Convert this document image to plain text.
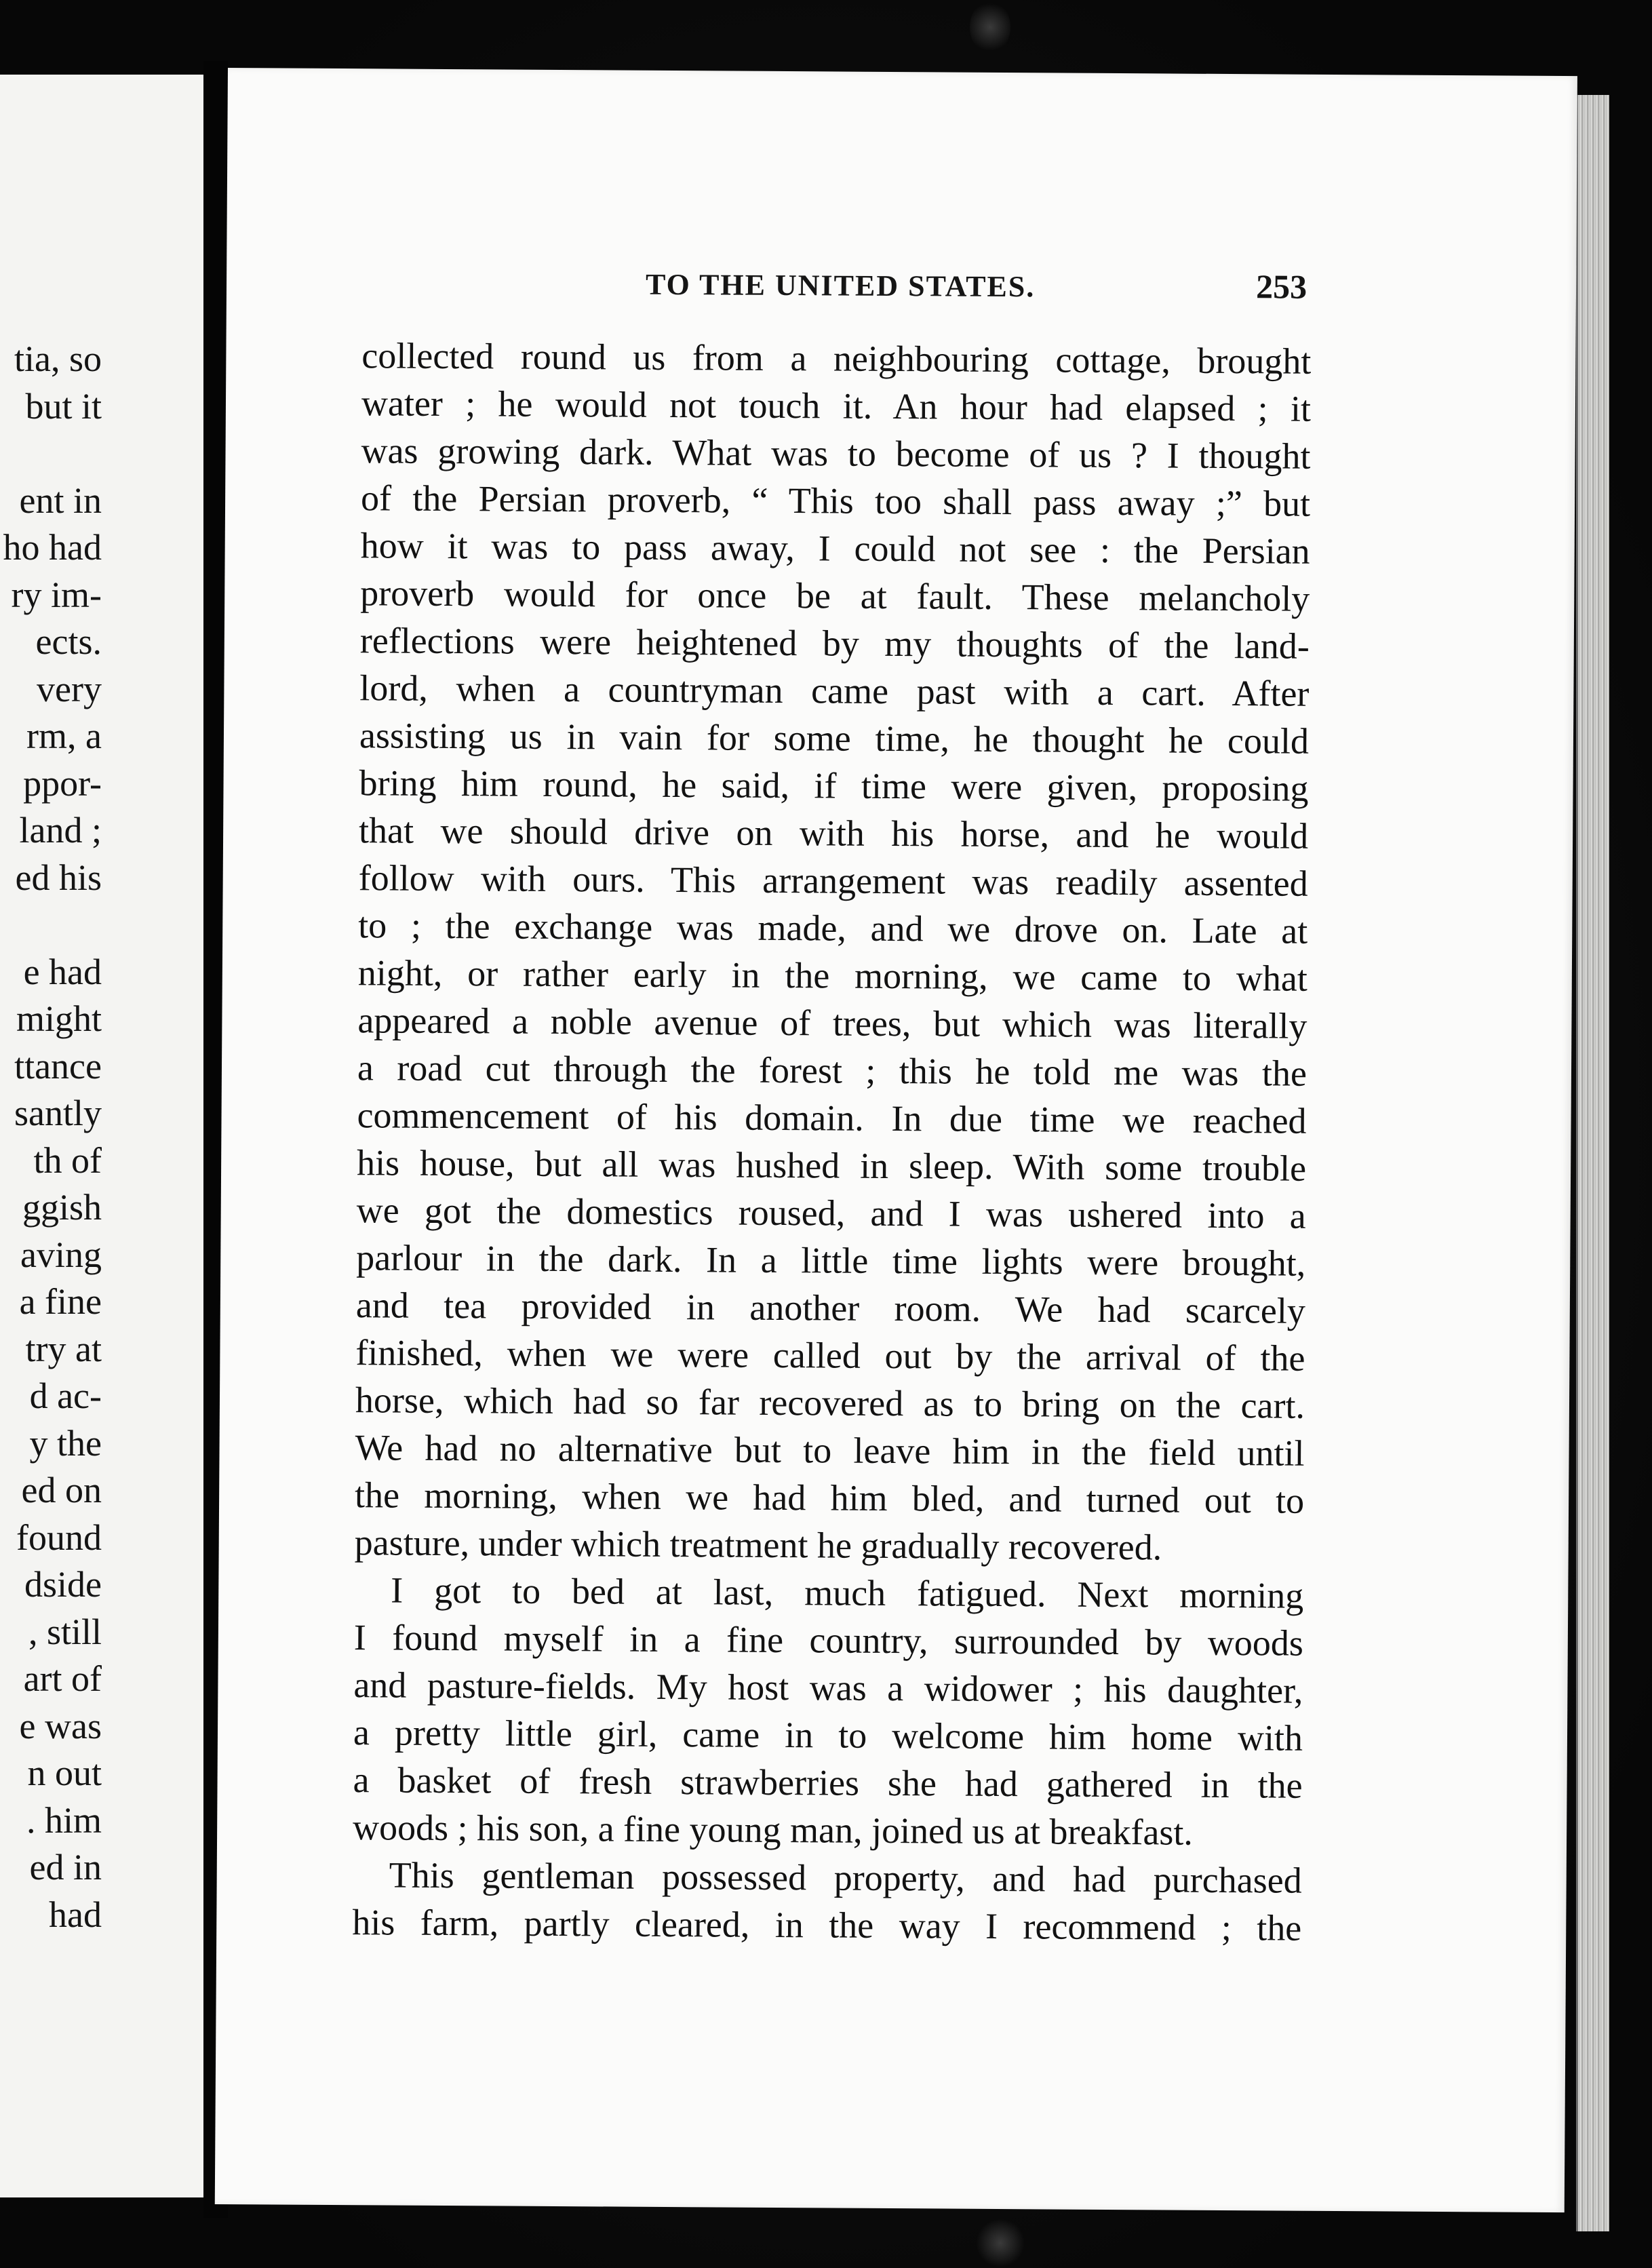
tia, so
but it
ent in
ho had
ry im-
ects.
very
rm, a
ppor-
land ;
ed his
e had
might
ttance
santly
th of
ggish
aving
a fine
try at
d ac-
y the
ed on
found
dside
, still
art of
e was
n out
. him
ed in
had
TO THE UNITED STATES.	253
collected round us from a neighbouring cottage, brought
water ; he would not touch it. An hour had elapsed ; it
was growing dark. What was to become of us ? I thought
of the Persian proverb, “ This too shall pass away ;” but
how it was to pass away, I could not see : the Persian
proverb would for once be at fault. These melancholy
reflections were heightened by my thoughts of the land-
lord, when a countryman came past with a cart. After
assisting us in vain for some time, he thought he could
bring him round, he said, if time were given, proposing
that we should drive on with his horse, and he would
follow with ours. This arrangement was readily assented
to ; the exchange was made, and we drove on. Late at
night, or rather early in the morning, we came to what
appeared a noble avenue of trees, but which was literally
a road cut through the forest ; this he told me was the
commencement of his domain. In due time we reached
his house, but all was hushed in sleep. With some trouble
we got the domestics roused, and I was ushered into a
parlour in the dark. In a little time lights were brought,
and tea provided in another room. We had scarcely
finished, when we were called out by the arrival of the
horse, which had so far recovered as to bring on the cart.
We had no alternative but to leave him in the field until
the morning, when we had him bled, and turned out to
pasture, under which treatment he gradually recovered.
I got to bed at last, much fatigued. Next morning
I found myself in a fine country, surrounded by woods
and pasture-fields. My host was a widower ; his daughter,
a pretty little girl, came in to welcome him home with
a basket of fresh strawberries she had gathered in the
woods ; his son, a fine young man, joined us at breakfast.
This gentleman possessed property, and had purchased
his farm, partly cleared, in the way I recommend ; the
